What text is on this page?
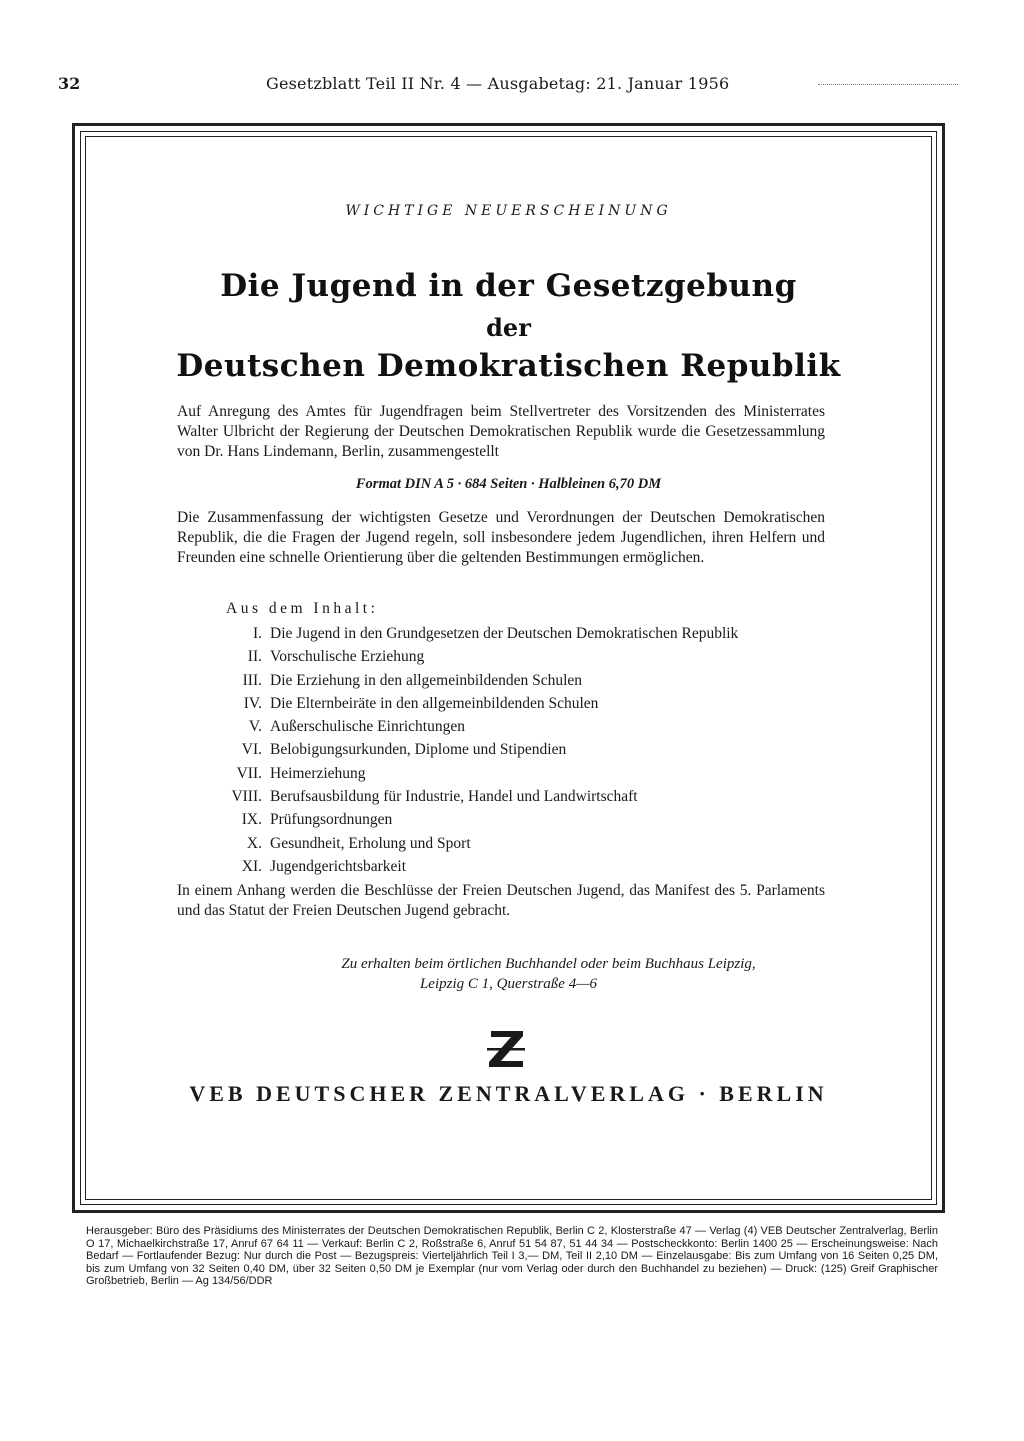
32	Gesetzblatt Teil II Nr. 4 — Ausgabetag: 21. Januar 1956
WICHTIGE NEUERSCHEINUNG
Die Jugend in der Gesetzgebung
der
Deutschen Demokratischen Republik
Auf Anregung des Amtes für Jugendfragen beim Stellvertreter des Vorsitzenden des Ministerrates Walter Ulbricht der Regierung der Deutschen Demokratischen Republik wurde die Gesetzessammlung von Dr. Hans Lindemann, Berlin, zusammengestellt
Format DIN A 5 · 684 Seiten · Halbleinen 6,70 DM
Die Zusammenfassung der wichtigsten Gesetze und Verordnungen der Deutschen Demokratischen Republik, die die Fragen der Jugend regeln, soll insbesondere jedem Jugendlichen, ihren Helfern und Freunden eine schnelle Orientierung über die geltenden Bestimmungen ermöglichen.
Aus dem Inhalt:
I. Die Jugend in den Grundgesetzen der Deutschen Demokratischen Republik
II. Vorschulische Erziehung
III. Die Erziehung in den allgemeinbildenden Schulen
IV. Die Elternbeiräte in den allgemeinbildenden Schulen
V. Außerschulische Einrichtungen
VI. Belobigungsurkunden, Diplome und Stipendien
VII. Heimerziehung
VIII. Berufsausbildung für Industrie, Handel und Landwirtschaft
IX. Prüfungsordnungen
X. Gesundheit, Erholung und Sport
XI. Jugendgerichtsbarkeit
In einem Anhang werden die Beschlüsse der Freien Deutschen Jugend, das Manifest des 5. Parlaments und das Statut der Freien Deutschen Jugend gebracht.
Zu erhalten beim örtlichen Buchhandel oder beim Buchhaus Leipzig,
Leipzig C 1, Querstraße 4—6
VEB DEUTSCHER ZENTRALVERLAG · BERLIN
Herausgeber: Büro des Präsidiums des Ministerrates der Deutschen Demokratischen Republik, Berlin C 2, Klosterstraße 47 — Verlag (4) VEB Deutscher Zentralverlag, Berlin O 17, Michaelkirchstraße 17, Anruf 67 64 11 — Verkauf: Berlin C 2, Roßstraße 6, Anruf 51 54 87, 51 44 34 — Postscheckkonto: Berlin 1400 25 — Erscheinungsweise: Nach Bedarf — Fortlaufender Bezug: Nur durch die Post — Bezugspreis: Vierteljährlich Teil I 3,— DM, Teil II 2,10 DM — Einzelausgabe: Bis zum Umfang von 16 Seiten 0,25 DM, bis zum Umfang von 32 Seiten 0,40 DM, über 32 Seiten 0,50 DM je Exemplar (nur vom Verlag oder durch den Buchhandel zu beziehen) — Druck: (125) Greif Graphischer Großbetrieb, Berlin — Ag 134/56/DDR
